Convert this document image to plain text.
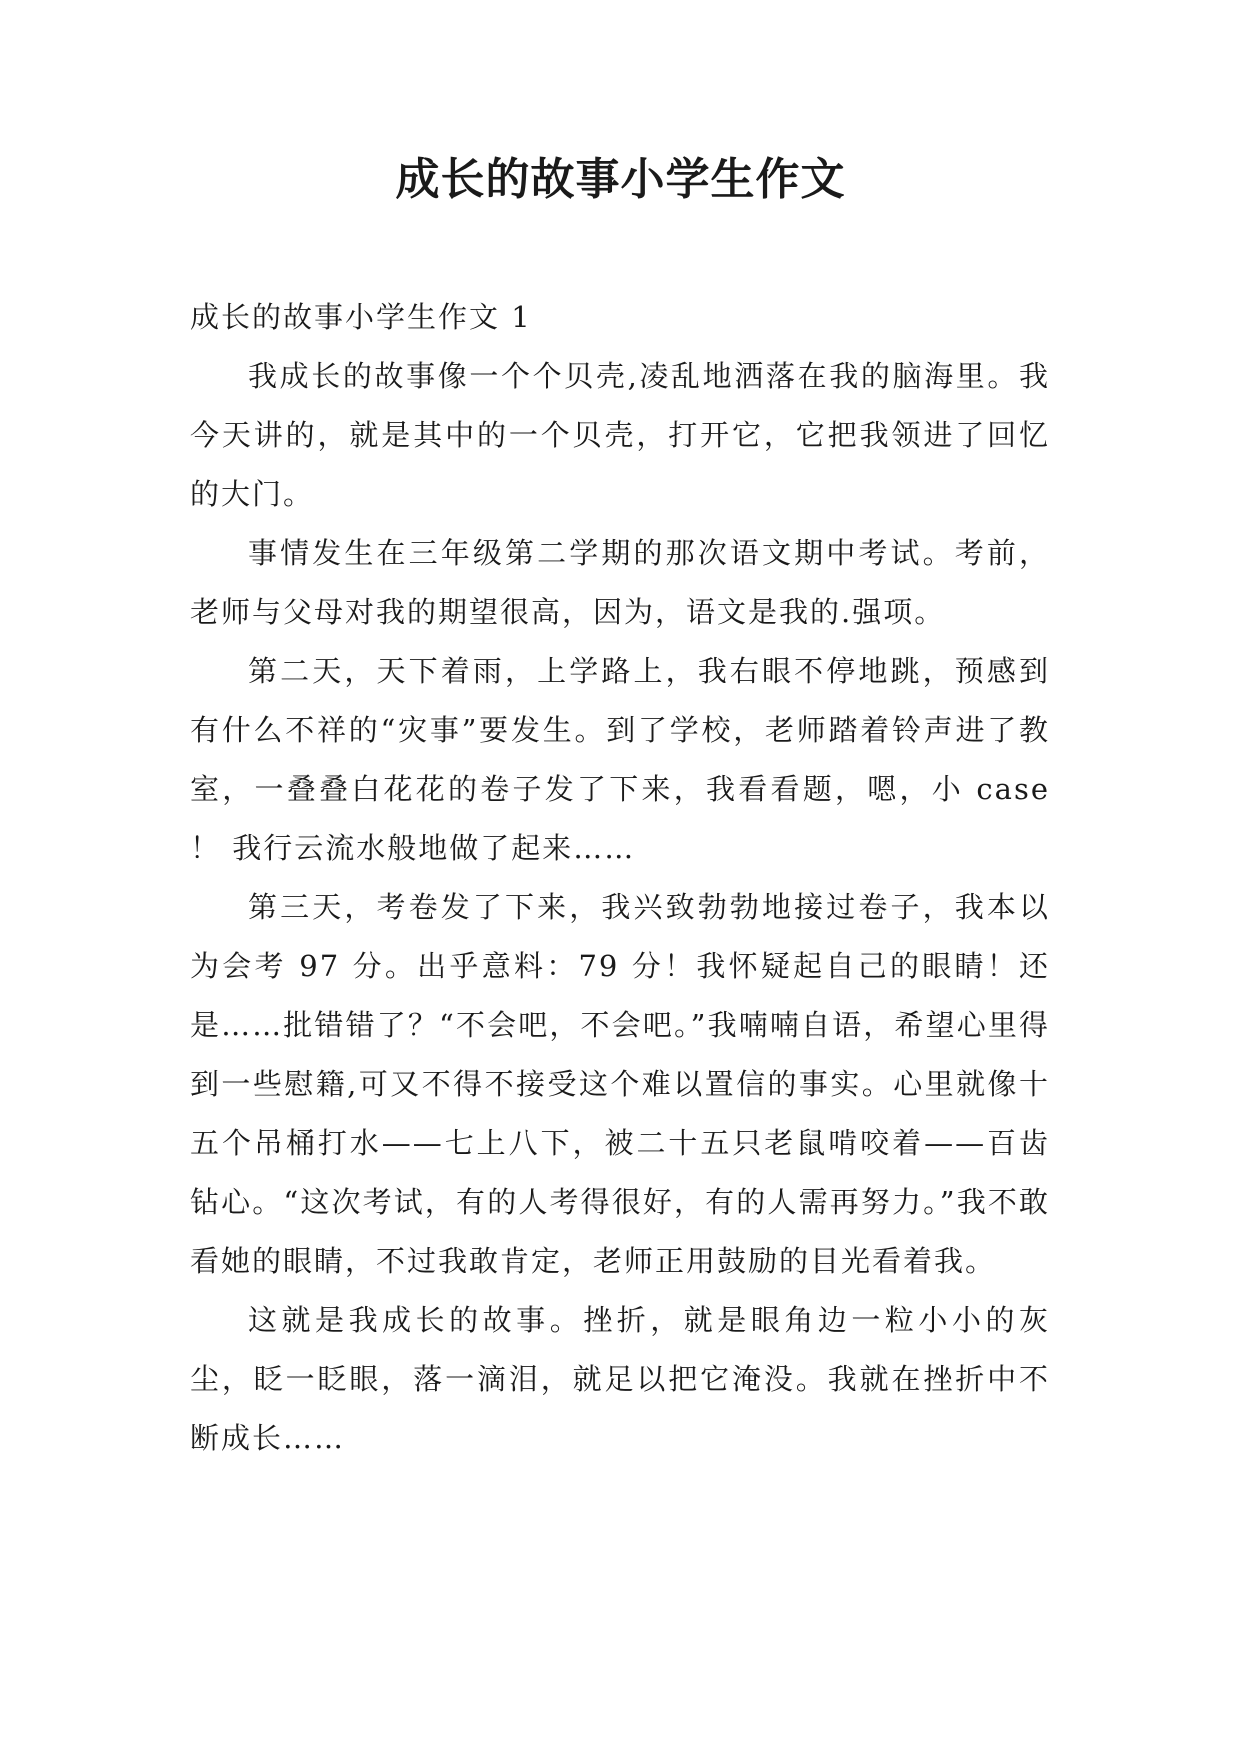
成长的故事小学生作文

成长的故事小学生作文 1

我成长的故事像一个个贝壳,凌乱地洒落在我的脑海里。我今天讲的，就是其中的一个贝壳，打开它，它把我领进了回忆的大门。

事情发生在三年级第二学期的那次语文期中考试。考前，老师与父母对我的期望很高，因为，语文是我的.强项。

第二天，天下着雨，上学路上，我右眼不停地跳，预感到有什么不祥的“灾事”要发生。到了学校，老师踏着铃声进了教室，一叠叠白花花的卷子发了下来，我看看题，嗯，小 case ！ 我行云流水般地做了起来……

第三天，考卷发了下来，我兴致勃勃地接过卷子，我本以为会考 97 分。出乎意料：79 分！我怀疑起自己的眼睛！还是……批错错了？“不会吧，不会吧。”我喃喃自语，希望心里得到一些慰籍,可又不得不接受这个难以置信的事实。心里就像十五个吊桶打水——七上八下，被二十五只老鼠啃咬着——百齿钻心。“这次考试，有的人考得很好，有的人需再努力。”我不敢看她的眼睛，不过我敢肯定，老师正用鼓励的目光看着我。

这就是我成长的故事。挫折，就是眼角边一粒小小的灰尘，眨一眨眼，落一滴泪，就足以把它淹没。我就在挫折中不断成长……
